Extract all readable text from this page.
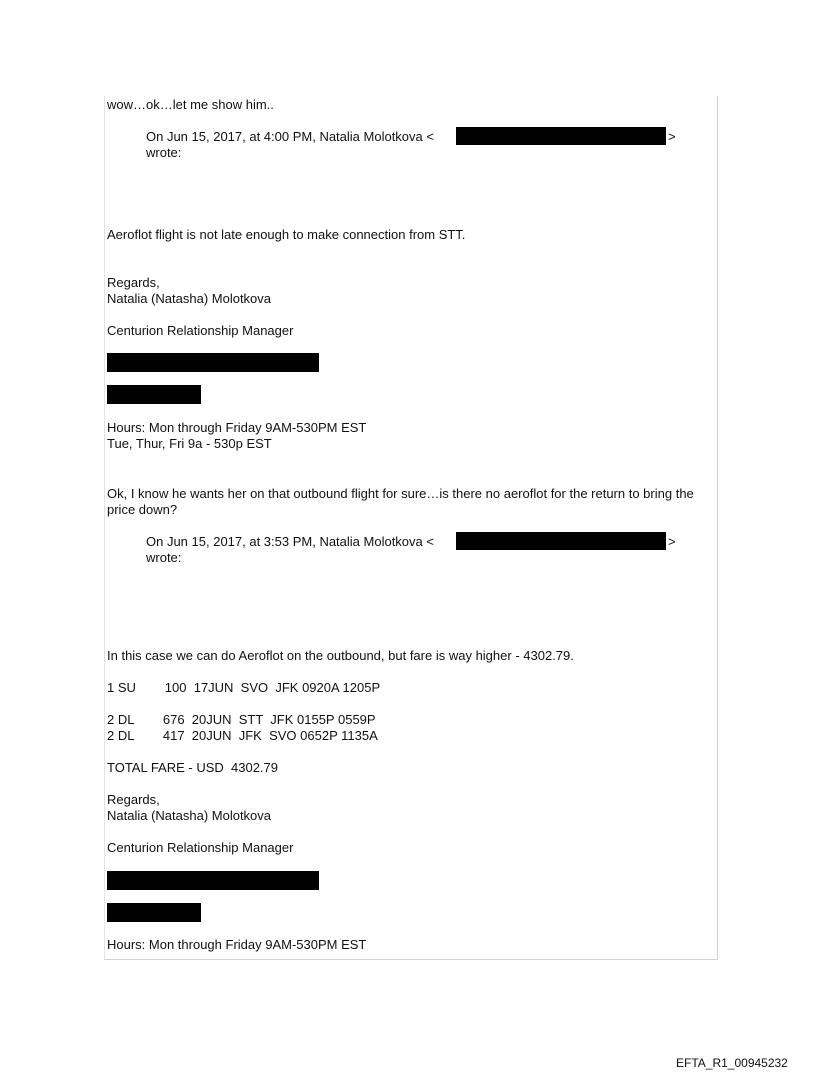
wow…ok…let me show him..
On Jun 15, 2017, at 4:00 PM, Natalia Molotkova <	>
wrote:
Aeroflot flight is not late enough to make connection from STT.
Regards,
Natalia (Natasha) Molotkova
Centurion Relationship Manager
Hours: Mon through Friday 9AM-530PM EST
Tue, Thur, Fri 9a - 530p EST
Ok, I know he wants her on that outbound flight for sure…is there no aeroflot for the return to bring the price down?
On Jun 15, 2017, at 3:53 PM, Natalia Molotkova <	>
wrote:
In this case we can do Aeroflot on the outbound, but fare is way higher - 4302.79.
1 SU        100  17JUN  SVO  JFK 0920A 1205P
2 DL        676  20JUN  STT  JFK 0155P 0559P
2 DL        417  20JUN  JFK  SVO 0652P 1135A
TOTAL FARE - USD  4302.79
Regards,
Natalia (Natasha) Molotkova
Centurion Relationship Manager
Hours: Mon through Friday 9AM-530PM EST
EFTA_R1_00945232
